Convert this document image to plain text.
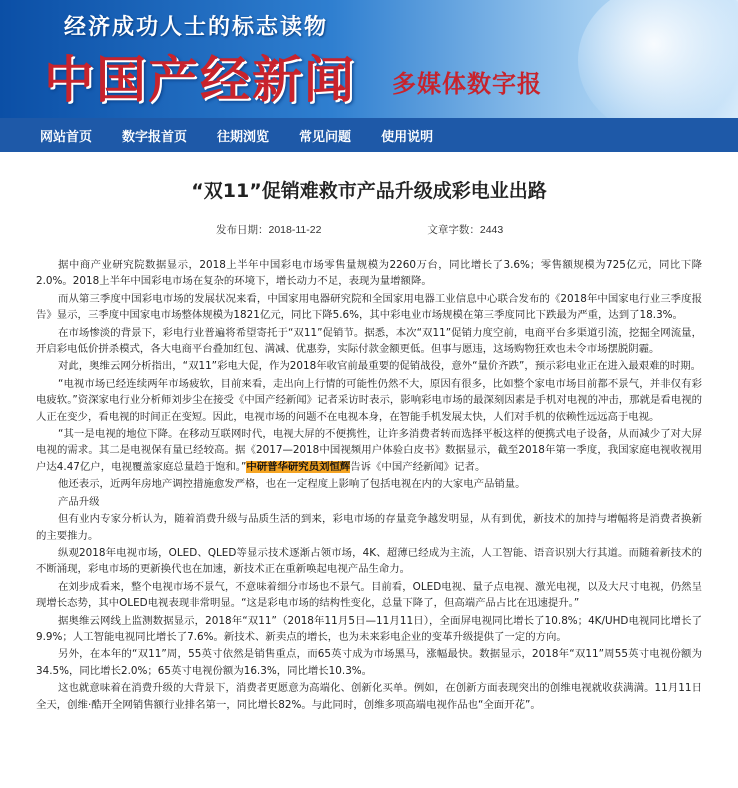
经济成功人士的标志读物
中国产经新闻 多媒体数字报
网站首页 数字报首页 往期浏览 常见问题 使用说明
“双11”促销难救市产品升级成彩电业出路
发布日期：2018-11-22	文章字数：2443

据中商产业研究院数据显示，2018上半年中国彩电市场零售量规模为2260万台，同比增长了3.6%；零售额规模为725亿元，同比下降2.0%。2018上半年中国彩电市场在复杂的环境下，增长动力不足，表现为量增额降。

而从第三季度中国彩电市场的发展状况来看，中国家用电器研究院和全国家用电器工业信息中心联合发布的《2018年中国家电行业三季度报告》显示，三季度中国家电市场整体规模为1821亿元，同比下降5.6%，其中彩电业市场规模在第三季度同比下跌最为严重，达到了18.3%。

在市场惨淡的背景下，彩电行业普遍将希望寄托于“双11”促销节。据悉，本次“双11”促销力度空前，电商平台多渠道引流，挖掘全网流量，开启彩电低价拼杀模式，各大电商平台叠加红包、满减、优惠券，实际付款金额更低。但事与愿违，这场购物狂欢也未令市场摆脱阴霾。

对此，奥维云网分析指出，“双11”彩电大促，作为2018年收官前最重要的促销战役，意外“量价齐跌”，预示彩电业正在进入最艰难的时期。

“电视市场已经连续两年市场疲软，目前来看，走出向上行情的可能性仍然不大，原因有很多，比如整个家电市场目前都不景气，并非仅有彩电疲软。”资深家电行业分析师刘步尘在接受《中国产经新闻》记者采访时表示，影响彩电市场的最深刻因素是手机对电视的冲击，那就是看电视的人正在变少，看电视的时间正在变短。因此，电视市场的问题不在电视本身，在智能手机发展太快，人们对手机的依赖性远远高于电视。

“其一是电视的地位下降。在移动互联网时代，电视大屏的不便携性，让许多消费者转而选择平板这样的便携式电子设备，从而减少了对大屏电视的需求。其二是电视保有量已经较高。据《2017—2018中国视频用户体验白皮书》数据显示，截至2018年第一季度，我国家庭电视收视用户达4.47亿户，电视覆盖家庭总量趋于饱和。”中研普华研究员刘恒辉告诉《中国产经新闻》记者。

他还表示，近两年房地产调控措施愈发严格，也在一定程度上影响了包括电视在内的大家电产品销量。

产品升级

但有业内专家分析认为，随着消费升级与品质生活的到来，彩电市场的存量竞争越发明显，从有到优，新技术的加持与增幅将是消费者换新的主要推力。

纵观2018年电视市场，OLED、QLED等显示技术逐渐占领市场，4K、超薄已经成为主流，人工智能、语音识别大行其道。而随着新技术的不断涌现，彩电市场的更新换代也在加速，新技术正在重新唤起电视产品生命力。

在刘步成看来，整个电视市场不景气，不意味着细分市场也不景气。目前看，OLED电视、量子点电视、激光电视，以及大尺寸电视，仍然呈现增长态势，其中OLED电视表现非常明显。“这是彩电市场的结构性变化，总量下降了，但高端产品占比在迅速提升。”

据奥维云网线上监测数据显示，2018年“双11”（2018年11月5日—11月11日），全面屏电视同比增长了10.8%；4K/UHD电视同比增长了9.9%；人工智能电视同比增长了7.6%。新技术、新卖点的增长，也为未来彩电企业的变革升级提供了一定的方向。

另外，在本年的“双11”周，55英寸依然是销售重点，而65英寸成为市场黑马，涨幅最快。数据显示，2018年“双11”周55英寸电视份额为34.5%，同比增长2.0%；65英寸电视份额为16.3%，同比增长10.3%。

这也就意味着在消费升级的大背景下，消费者更愿意为高端化、创新化买单。例如，在创新方面表现突出的创维电视就收获满满。11月11日全天，创维·酷开全网销售额行业排名第一，同比增长82%。与此同时，创维多项高端电视作品也“全面开花”。
